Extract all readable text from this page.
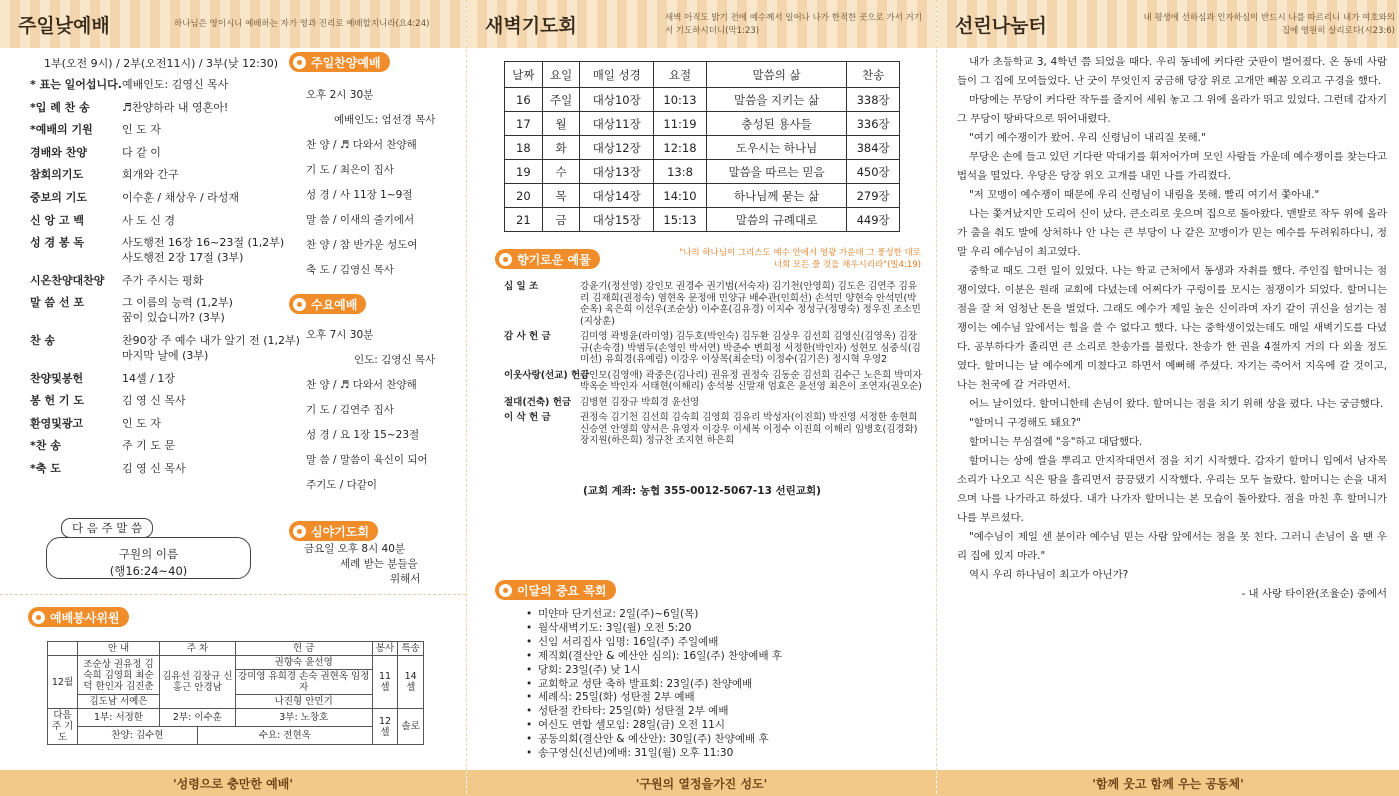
주일낮예배	하나님은 영이시니 예배하는 자가 영과 진리로 예배할지니라(요4:24)
1부(오전 9시) / 2부(오전11시) / 3부(낮 12:30)
* 표는 일어섭니다. 예배인도: 김영신 목사
*입 례 찬 송	♬찬양하라 내 영혼아!
*예배의 기원	인 도 자
경배와 찬양	다 같 이
참회의기도	회개와 간구
중보의 기도	이수훈 / 채상우 / 라성재
신 앙 고 백	사 도 신 경
성 경 봉 독	사도행전 16장 16~23절 (1,2부)
사도행전 2장 17절 (3부)
시온찬양대찬양	주가 주시는 평화
말 씀 선 포	그 이름의 능력 (1,2부)
꿈이 있습니까? (3부)
찬 송	찬90장 주 예수 내가 알기 전 (1,2부)
마지막 날에 (3부)
찬양및봉헌	14셀 / 1장
봉 헌 기 도	김 영 신 목사
환영및광고	인 도 자
*찬 송	주 기 도 문
*축 도	김 영 신 목사
주일찬양예배
오후 2시 30분
예배인도: 엄선경 목사
찬 양 / ♬ 다와서 찬양해
기 도 / 최은이 집사
성 경 / 사 11장 1~9절
말 씀 / 이새의 줄기에서
찬 양 / 참 반가운 성도여
축 도 / 김영신 목사
수요예배
오후 7시 30분
인도: 김영신 목사
찬 양 / ♬ 다와서 찬양해
기 도 / 김연주 집사
성 경 / 요 1장 15~23절
말 씀 / 말씀이 육신이 되어
주기도 / 다같이
심야기도회
금요일 오후 8시 40분
세례 받는 분들을
위해서
구원의 이름
(행16:24~40)
다 음 주 말 씀
예배봉사위원
	안 내	주 차		헌 금	봉사	특송
12월	조순상 권유정 김숙희 김영희 최순덕 한인자 김진춘	김유선 김장규 신홍근 안경남		권향숙 윤선영	11셀	14셀
				강미영 유희경 손숙 권현옥 임정자		
	김도남 서예은			나진형 안민기		
다음주 기 도	1부: 서정한	2부: 이수훈		3부: 노창호	12셀	솔로
	찬양: 김수현		수요: 전현옥			
'성령으로 충만한 예배'
새벽기도회	새벽 아직도 밝기 전에 예수께서 일어나 나가 한적한 곳으로 가서 거기서 기도하시더니(막1:23)
날짜	요일	매일 성경	요절	말씀의 삶	찬송
16	주일	대상10장	10:13	말씀을 지키는 삶	338장
17	월	대상11장	11:19	충성된 용사들	336장
18	화	대상12장	12:18	도우시는 하나님	384장
19	수	대상13장	13:8	말씀을 따르는 믿음	450장
20	목	대상14장	14:10	하나님께 묻는 삶	279장
21	금	대상15장	15:13	말씀의 규례대로	449장
향기로운 예물	"나의 하나님이 그리스도 예수 안에서 영광 가운데 그 풍성한 대로 너희 모든 쓸 것을 채우시리라"(빌4:19)
십 일 조	강윤기(정선영) 강인모 권경수 권기범(서숙자) 김기천(안영희) 김도은 김연주 김유리 김재희(권정숙) 염현옥 문정애 민양규 배수관(인희선) 손석민 양현숙 안석민(박순옥) 육은희 이선우(조순상) 이수훈(김유경) 이지수 정성구(정명숙) 정우진 조소민(지상훈)
감 사 헌 금	김미영 곽병윤(라미영) 김두호(박인숙) 김두환 김상우 김선희 김영신(김영옥) 김장규(손숙경) 박범두(손영인 박서연) 박준수 변희정 서정한(박인자) 성현모 심중식(김미선) 유희경(유예림) 이강우 이상목(최순덕) 이정수(김기은) 정시혁 우영2
이웃사랑(선교) 헌금
강인모(김영애) 곽중은(김나리) 권유정 권정숙 김동순 김선희 김수근 노은희 박미자 박옥순 박인자 서태현(이해리) 송석봉 신말재 엄효은 윤선영 최은이 조연자(권오순)
절대(건축) 헌금 김병현 김장규 박희경 윤선영
이 삭 헌 금	권정숙 김기천 김선희 김숙희 김영희 김유리 박성자(이진희) 박진영 서정한 송현희 신승연 안영희 양서은 유영자 이강우 이세복 이정수 이진희 이해리 임병호(김경화) 장지원(하은희) 정규찬 조지현 하은희
(교회 계좌: 농협 355-0012-5067-13 선린교회)
이달의 중요 목회
• 미얀마 단기선교: 2일(주)~6일(목)
• 월삭새벽기도: 3일(월) 오전 5:20
• 신임 서리집사 임명: 16일(주) 주일예배
• 제직회(결산안 & 예산안 심의): 16일(주) 찬양예배 후
• 당회: 23일(주) 낮 1시
• 교회학교 성탄 축하 발표회: 23일(주) 찬양예배
• 세례식: 25일(화) 성탄절 2부 예배
• 성탄절 칸타타: 25일(화) 성탄절 2부 예배
• 여신도 연합 셀모임: 28일(금) 오전 11시
• 공동의회(결산안 & 예산안): 30일(주) 찬양예배 후
• 송구영신(신년)예배: 31일(월) 오후 11:30
'구원의 열정을가진 성도'
선린나눔터	내 평생에 선하심과 인자하심이 반드시 나를 따르리니 내가 여호와의 집에 영원히 살리로다(시23:6)

내가 초등학교 3, 4학년 쯤 되었을 때다. 우리 동네에 커다란 굿판이 벌어졌다. 온 동네 사람들이 그 집에 모여들었다. 난 굿이 무엇인지 궁금해 당장 위로 고개만 빼꼼 오리고 구경을 했다.

마당에는 무당이 커다란 작두를 줄지어 세워 놓고 그 위에 올라가 뛰고 있었다. 그런데 갑자기 그 무당이 땅바닥으로 뛰어내렸다.

"여기 예수쟁이가 왔어. 우리 신령님이 내리질 못해."

무당은 손에 들고 있던 기다란 막대기를 휘저어가며 모인 사람들 가운데 예수쟁이를 찾는다고 법석을 떨었다. 우당은 당장 위오 고개를 내민 나를 가리켰다.

"저 꼬맹이 예수쟁이 때문에 우리 신령님이 내림을 못해. 빨리 여기서 쫓아내."

나는 쫓겨났지만 도리어 신이 났다. 큰소리로 웃으며 집으로 돌아왔다. 맨발로 작두 위에 올라가 춤을 춰도 발에 상처하나 안 나는 큰 부당이 나 같은 꼬맹이가 믿는 예수를 두려워하다니, 정말 우리 예수님이 최고였다.

중학교 때도 그런 일이 있었다. 나는 학교 근처에서 동생과 자취를 했다. 주인집 할머니는 점쟁이였다. 이분은 원래 교회에 다녔는데 어쩌다가 구렁이를 모시는 점쟁이가 되었다. 할머니는 점을 잘 쳐 엄청난 돈을 벌었다. 그래도 예수가 제일 높은 신이라며 자기 같이 귀신을 섬기는 점쟁이는 예수님 앞에서는 힘을 쓸 수 없다고 했다. 나는 중학생이었는데도 매일 새벽기도를 다녔다. 공부하다가 졸리면 큰 소리로 찬송가를 불렀다. 찬송가 한 권을 4절까지 거의 다 외울 정도였다. 할머니는 날 예수에게 미쳤다고 하면서 예뻐해 주셨다. 자기는 죽어서 지옥에 갈 것이고, 나는 천국에 갈 거라면서.

어느 날이었다. 할머니한테 손님이 왔다. 할머니는 점을 치기 위해 상을 폈다. 나는 궁금했다.

"할머니 구경해도 돼요?"

할머니는 무심결에 "응"하고 대답했다.

할머니는 상에 쌀을 뿌리고 만지작대면서 점을 치기 시작했다. 갑자기 할머니 입에서 남자목소리가 나오고 식은 땀을 흘리면서 끙끙댔기 시작했다. 우리는 모두 놀랐다. 할머니는 손을 내저으며 나를 나가라고 하셨다. 내가 나가자 할머니는 본 모습이 돌아왔다. 점을 마친 후 할머니가 나를 부르셨다.

"예수님이 제일 센 분이라 예수님 믿는 사람 앞에서는 점을 못 친다. 그러니 손님이 올 땐 우리 집에 있지 마라."

역시 우리 하나님이 최고가 아닌가?

- 내 사랑 타이완(조율순) 중에서

'함께 웃고 함께 우는 공동체'
